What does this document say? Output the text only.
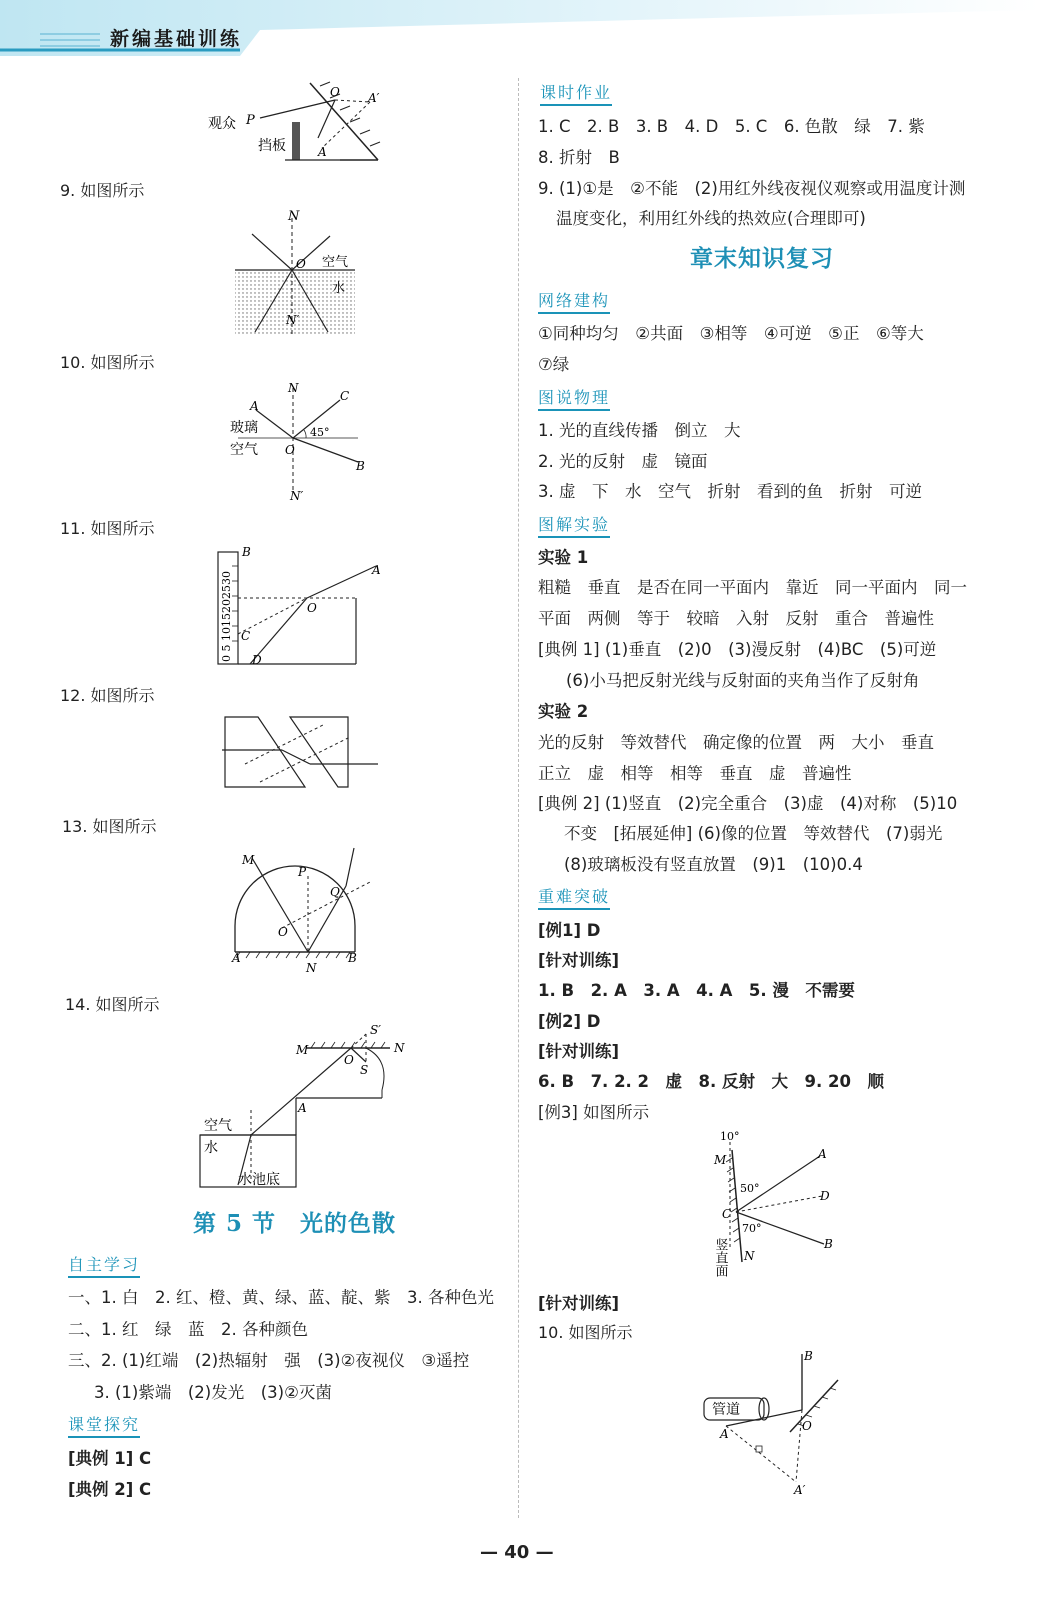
新编基础训练
观众 P
O A′
A
挡板
9. 如图所示
N
O 空气
水
N′
10. 如图所示
A
N
C
玻璃
空气 O
45°
B
N′
11. 如图所示
0 5 1015202530
B
O
C
D
A
12. 如图所示
13. 如图所示
M
P
Q
O
A
N
B
14. 如图所示
S′
M
O
N
S
A
空气
水
水池底
第 5 节　光的色散
自主学习
一、1. 白　2. 红、橙、黄、绿、蓝、靛、紫　3. 各种色光
二、1. 红　绿　蓝　2. 各种颜色
三、2. (1)红端　(2)热辐射　强　(3)②夜视仪　③遥控
3. (1)紫端　(2)发光　(3)②灭菌
课堂探究
[典例 1] C
[典例 2] C
课时作业
1. C　2. B　3. B　4. D　5. C　6. 色散　绿　7. 紫
8. 折射　B
9. (1)①是　②不能　(2)用红外线夜视仪观察或用温度计测
温度变化，利用红外线的热效应(合理即可)
章末知识复习
网络建构
①同种均匀　②共面　③相等　④可逆　⑤正　⑥等大
⑦绿
图说物理
1. 光的直线传播　倒立　大
2. 光的反射　虚　镜面
3. 虚　下　水　空气　折射　看到的鱼　折射　可逆
图解实验
实验 1
粗糙　垂直　是否在同一平面内　靠近　同一平面内　同一
平面　两侧　等于　较暗　入射　反射　重合　普遍性
[典例 1] (1)垂直　(2)0　(3)漫反射　(4)BC　(5)可逆
(6)小马把反射光线与反射面的夹角当作了反射角
实验 2
光的反射　等效替代　确定像的位置　两　大小　垂直
正立　虚　相等　相等　垂直　虚　普遍性
[典例 2] (1)竖直　(2)完全重合　(3)虚　(4)对称　(5)10
不变　[拓展延伸] (6)像的位置　等效替代　(7)弱光
(8)玻璃板没有竖直放置　(9)1　(10)0.4
重难突破
[例1] D
[针对训练]
1. B　2. A　3. A　4. A　5. 漫　不需要
[例2] D
[针对训练]
6. B　7. 2. 2　虚　8. 反射　大　9. 20　顺
[例3] 如图所示
10°
M	A
50°
D
C
70°
B
N
竖直面
[针对训练]
10. 如图所示
B
管道
O
A
A′
— 40 —
